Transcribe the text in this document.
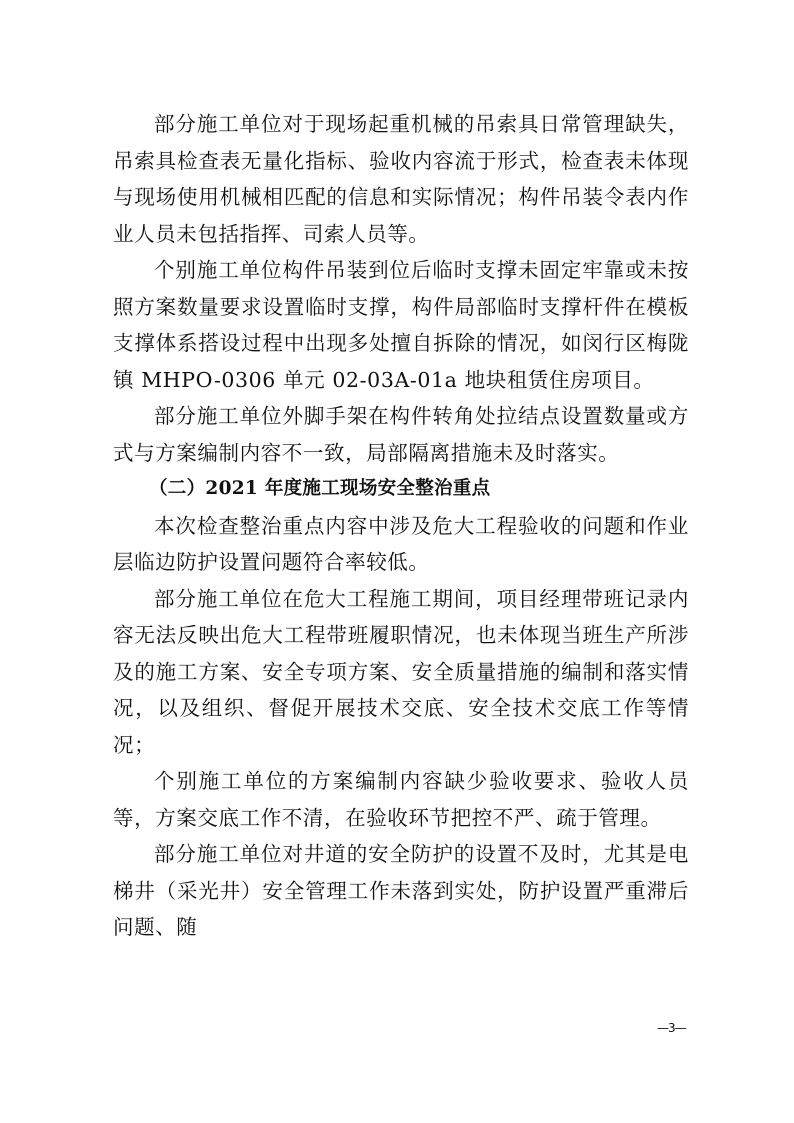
部分施工单位对于现场起重机械的吊索具日常管理缺失，吊索具检查表无量化指标、验收内容流于形式，检查表未体现与现场使用机械相匹配的信息和实际情况；构件吊装令表内作业人员未包括指挥、司索人员等。

个别施工单位构件吊装到位后临时支撑未固定牢靠或未按照方案数量要求设置临时支撑，构件局部临时支撑杆件在模板支撑体系搭设过程中出现多处擅自拆除的情况，如闵行区梅陇镇 MHPO-0306 单元 02-03A-01a 地块租赁住房项目。

部分施工单位外脚手架在构件转角处拉结点设置数量或方式与方案编制内容不一致，局部隔离措施未及时落实。

（二）2021 年度施工现场安全整治重点

本次检查整治重点内容中涉及危大工程验收的问题和作业层临边防护设置问题符合率较低。

部分施工单位在危大工程施工期间，项目经理带班记录内容无法反映出危大工程带班履职情况，也未体现当班生产所涉及的施工方案、安全专项方案、安全质量措施的编制和落实情况，以及组织、督促开展技术交底、安全技术交底工作等情况；

个别施工单位的方案编制内容缺少验收要求、验收人员等，方案交底工作不清，在验收环节把控不严、疏于管理。

部分施工单位对井道的安全防护的设置不及时，尤其是电梯井（采光井）安全管理工作未落到实处，防护设置严重滞后问题、随

—3—
